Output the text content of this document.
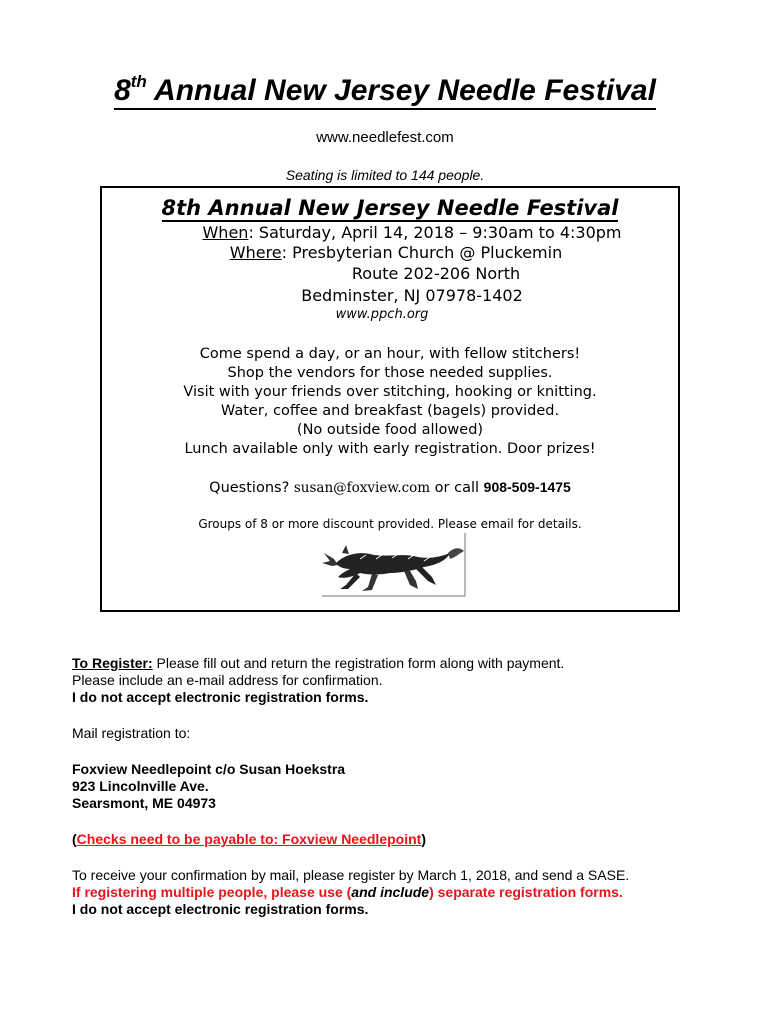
8th Annual New Jersey Needle Festival
www.needlefest.com
Seating is limited to 144 people.
8th Annual New Jersey Needle Festival
When: Saturday, April 14, 2018 – 9:30am to 4:30pm
Where: Presbyterian Church @ Pluckemin
Route 202-206 North
Bedminster, NJ 07978-1402
www.ppch.org
Come spend a day, or an hour, with fellow stitchers!
Shop the vendors for those needed supplies.
Visit with your friends over stitching, hooking or knitting.
Water, coffee and breakfast (bagels) provided.
(No outside food allowed)
Lunch available only with early registration. Door prizes!
Questions? susan@foxview.com or call 908-509-1475
Groups of 8 or more discount provided. Please email for details.

To Register: Please fill out and return the registration form along with payment.

Please include an e-mail address for confirmation.

I do not accept electronic registration forms.

Mail registration to:

Foxview Needlepoint c/o Susan Hoekstra

923 Lincolnville Ave.

Searsmont, ME 04973

(Checks need to be payable to: Foxview Needlepoint)

To receive your confirmation by mail, please register by March 1, 2018, and send a SASE.

If registering multiple people, please use (and include) separate registration forms.

I do not accept electronic registration forms.
